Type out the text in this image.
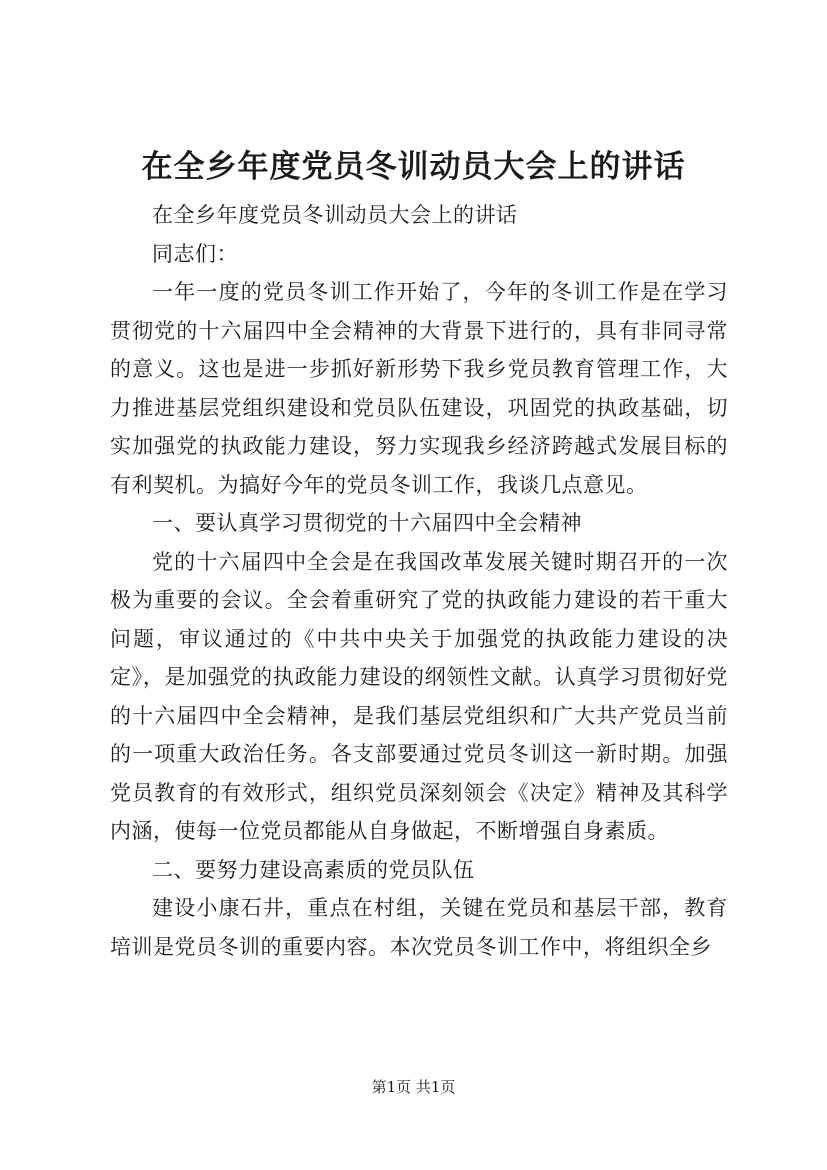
在全乡年度党员冬训动员大会上的讲话

在全乡年度党员冬训动员大会上的讲话

同志们：

一年一度的党员冬训工作开始了，今年的冬训工作是在学习贯彻党的十六届四中全会精神的大背景下进行的，具有非同寻常的意义。这也是进一步抓好新形势下我乡党员教育管理工作，大力推进基层党组织建设和党员队伍建设，巩固党的执政基础，切实加强党的执政能力建设，努力实现我乡经济跨越式发展目标的有利契机。为搞好今年的党员冬训工作，我谈几点意见。

一、要认真学习贯彻党的十六届四中全会精神

党的十六届四中全会是在我国改革发展关键时期召开的一次极为重要的会议。全会着重研究了党的执政能力建设的若干重大问题，审议通过的《中共中央关于加强党的执政能力建设的决定》，是加强党的执政能力建设的纲领性文献。认真学习贯彻好党的十六届四中全会精神，是我们基层党组织和广大共产党员当前的一项重大政治任务。各支部要通过党员冬训这一新时期。加强党员教育的有效形式，组织党员深刻领会《决定》精神及其科学内涵，使每一位党员都能从自身做起，不断增强自身素质。

二、要努力建设高素质的党员队伍

建设小康石井，重点在村组，关键在党员和基层干部，教育培训是党员冬训的重要内容。本次党员冬训工作中，将组织全乡

第1页 共1页
